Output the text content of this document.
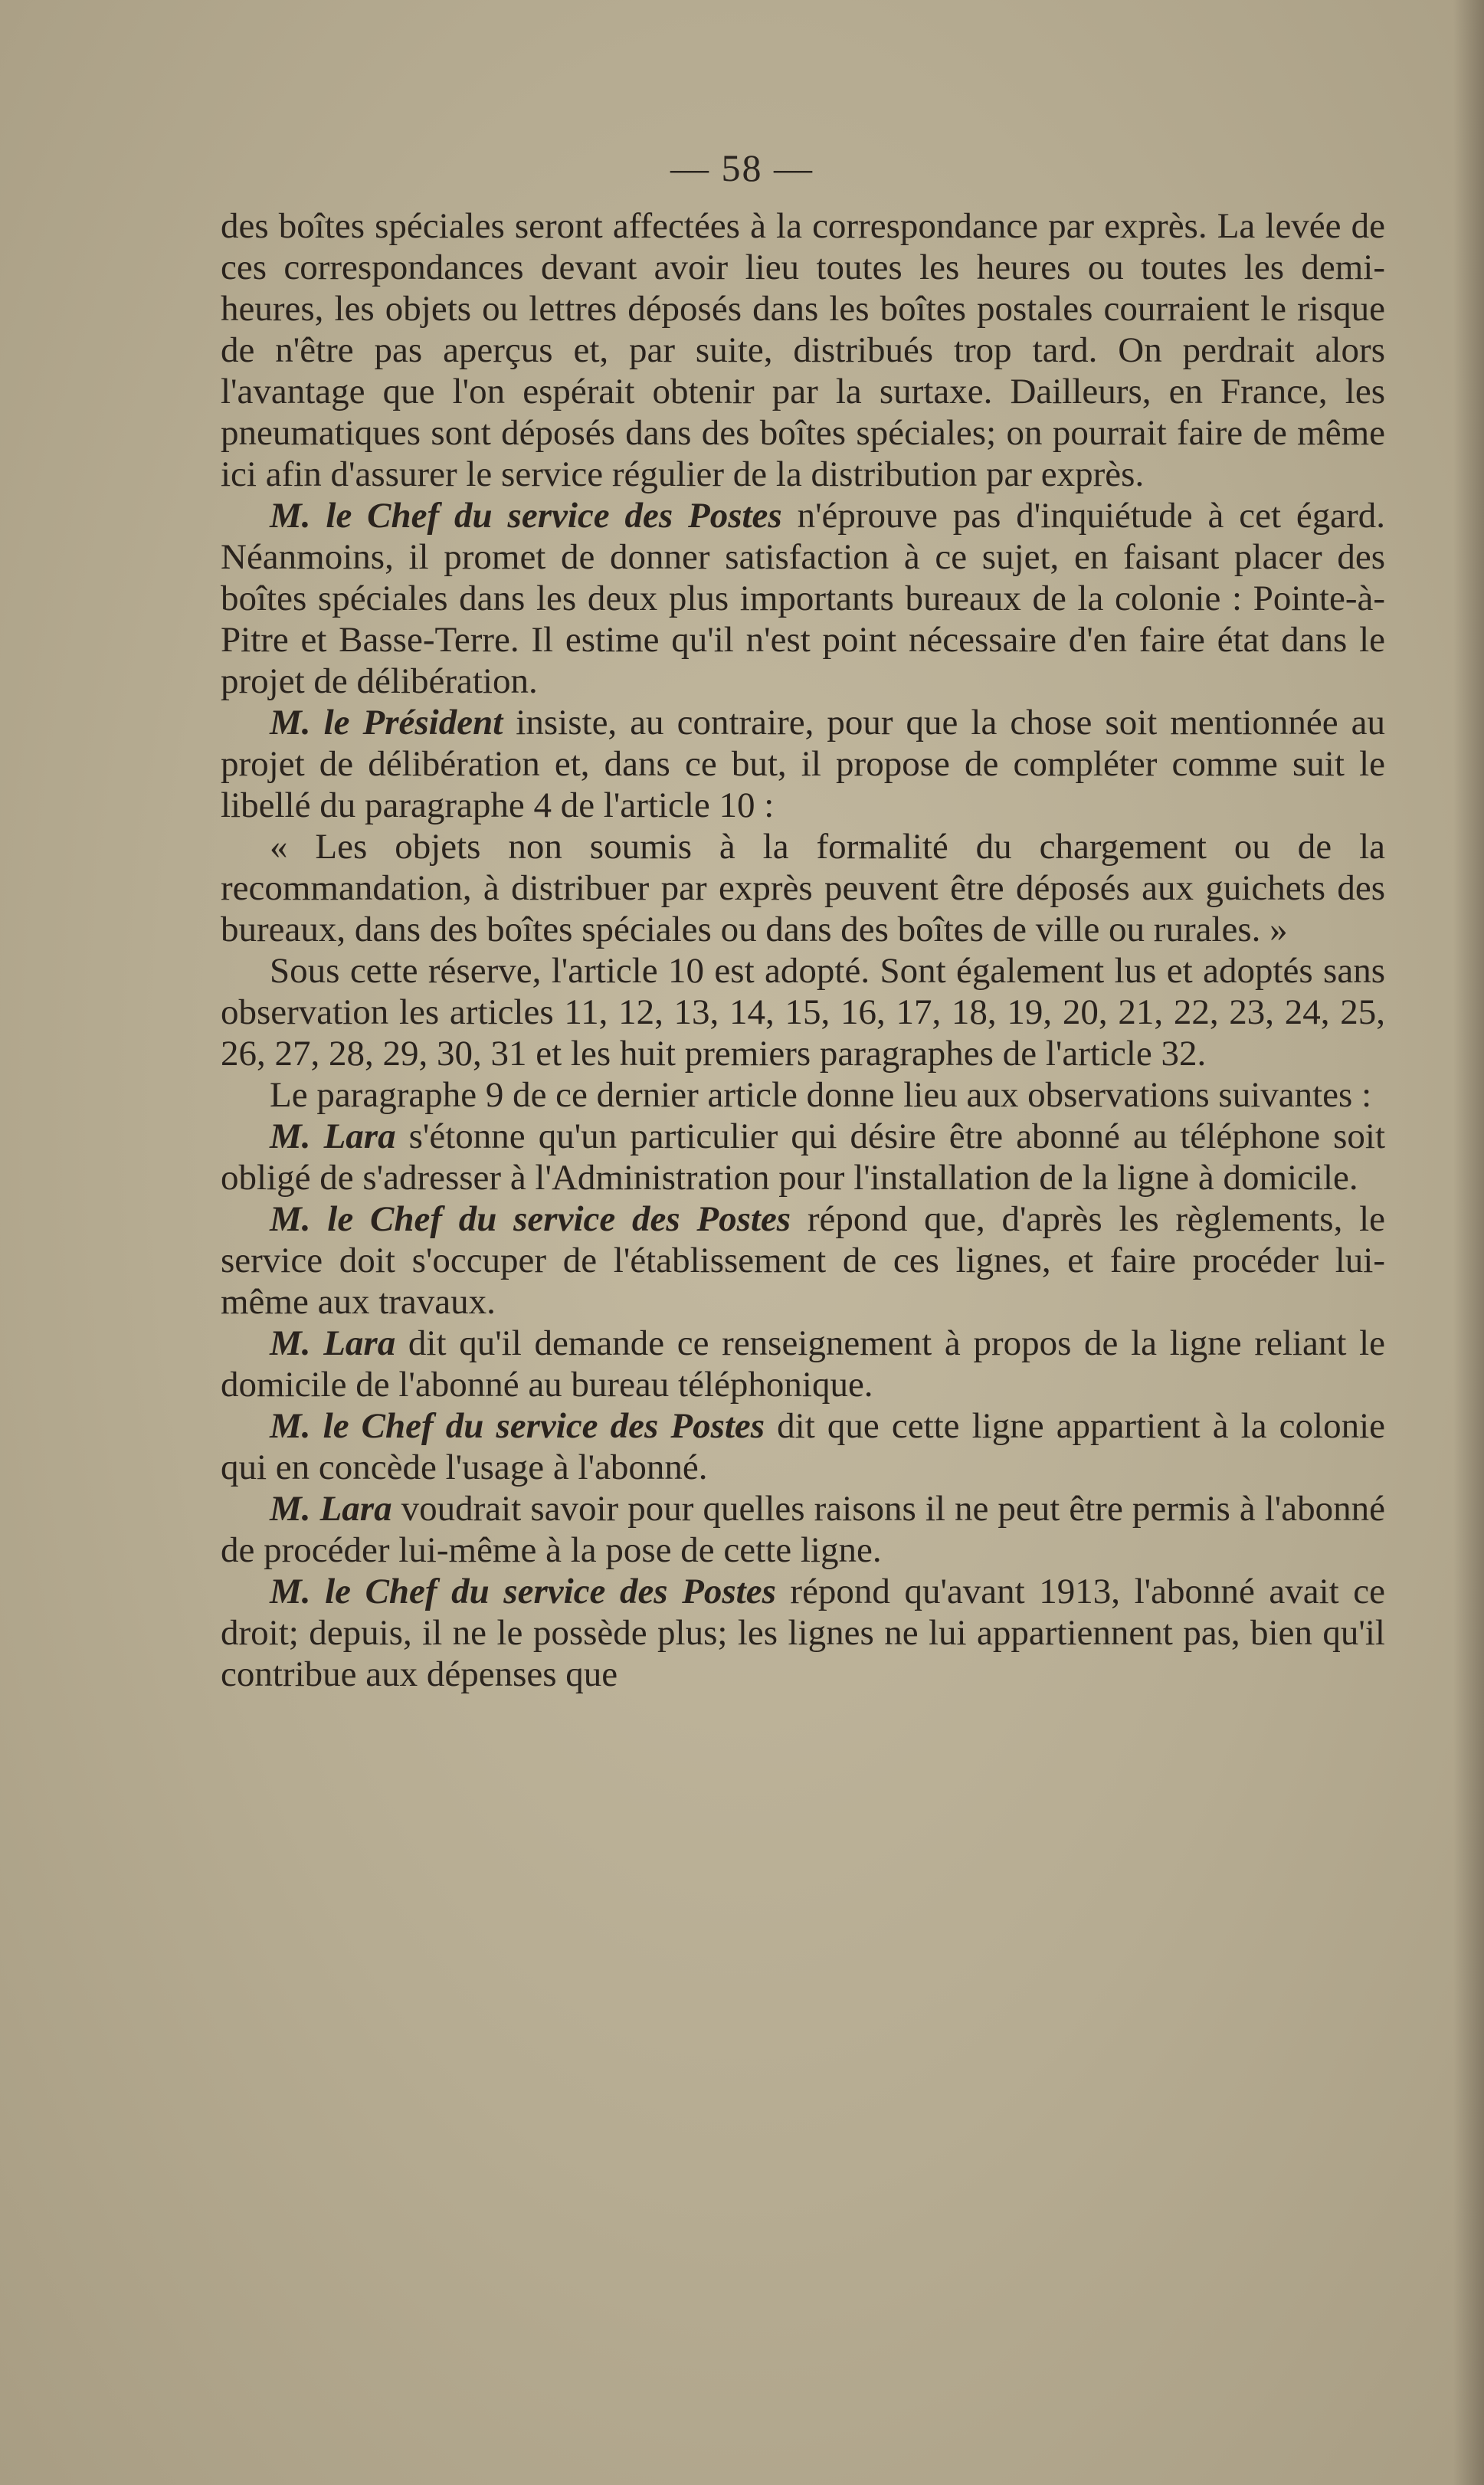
— 58 —

des boîtes spéciales seront affectées à la correspondance par exprès. La levée de ces correspondances devant avoir lieu toutes les heures ou toutes les demi-heures, les objets ou lettres déposés dans les boîtes postales courraient le risque de n'être pas aperçus et, par suite, distribués trop tard. On perdrait alors l'avantage que l'on espérait obtenir par la surtaxe. Dailleurs, en France, les pneumatiques sont déposés dans des boîtes spéciales; on pourrait faire de même ici afin d'assurer le service régulier de la distribution par exprès.

M. le Chef du service des Postes n'éprouve pas d'inquiétude à cet égard. Néanmoins, il promet de donner satisfaction à ce sujet, en faisant placer des boîtes spéciales dans les deux plus importants bureaux de la colonie : Pointe-à-Pitre et Basse-Terre. Il estime qu'il n'est point nécessaire d'en faire état dans le projet de délibération.

M. le Président insiste, au contraire, pour que la chose soit mentionnée au projet de délibération et, dans ce but, il propose de compléter comme suit le libellé du paragraphe 4 de l'article 10 :

« Les objets non soumis à la formalité du chargement ou de la recommandation, à distribuer par exprès peuvent être déposés aux guichets des bureaux, dans des boîtes spéciales ou dans des boîtes de ville ou rurales. »

Sous cette réserve, l'article 10 est adopté. Sont également lus et adoptés sans observation les articles 11, 12, 13, 14, 15, 16, 17, 18, 19, 20, 21, 22, 23, 24, 25, 26, 27, 28, 29, 30, 31 et les huit premiers paragraphes de l'article 32.

Le paragraphe 9 de ce dernier article donne lieu aux observations suivantes :

M. Lara s'étonne qu'un particulier qui désire être abonné au téléphone soit obligé de s'adresser à l'Administration pour l'installation de la ligne à domicile.

M. le Chef du service des Postes répond que, d'après les règlements, le service doit s'occuper de l'établissement de ces lignes, et faire procéder lui-même aux travaux.

M. Lara dit qu'il demande ce renseignement à propos de la ligne reliant le domicile de l'abonné au bureau téléphonique.

M. le Chef du service des Postes dit que cette ligne appartient à la colonie qui en concède l'usage à l'abonné.

M. Lara voudrait savoir pour quelles raisons il ne peut être permis à l'abonné de procéder lui-même à la pose de cette ligne.

M. le Chef du service des Postes répond qu'avant 1913, l'abonné avait ce droit; depuis, il ne le possède plus; les lignes ne lui appartiennent pas, bien qu'il contribue aux dépenses que
